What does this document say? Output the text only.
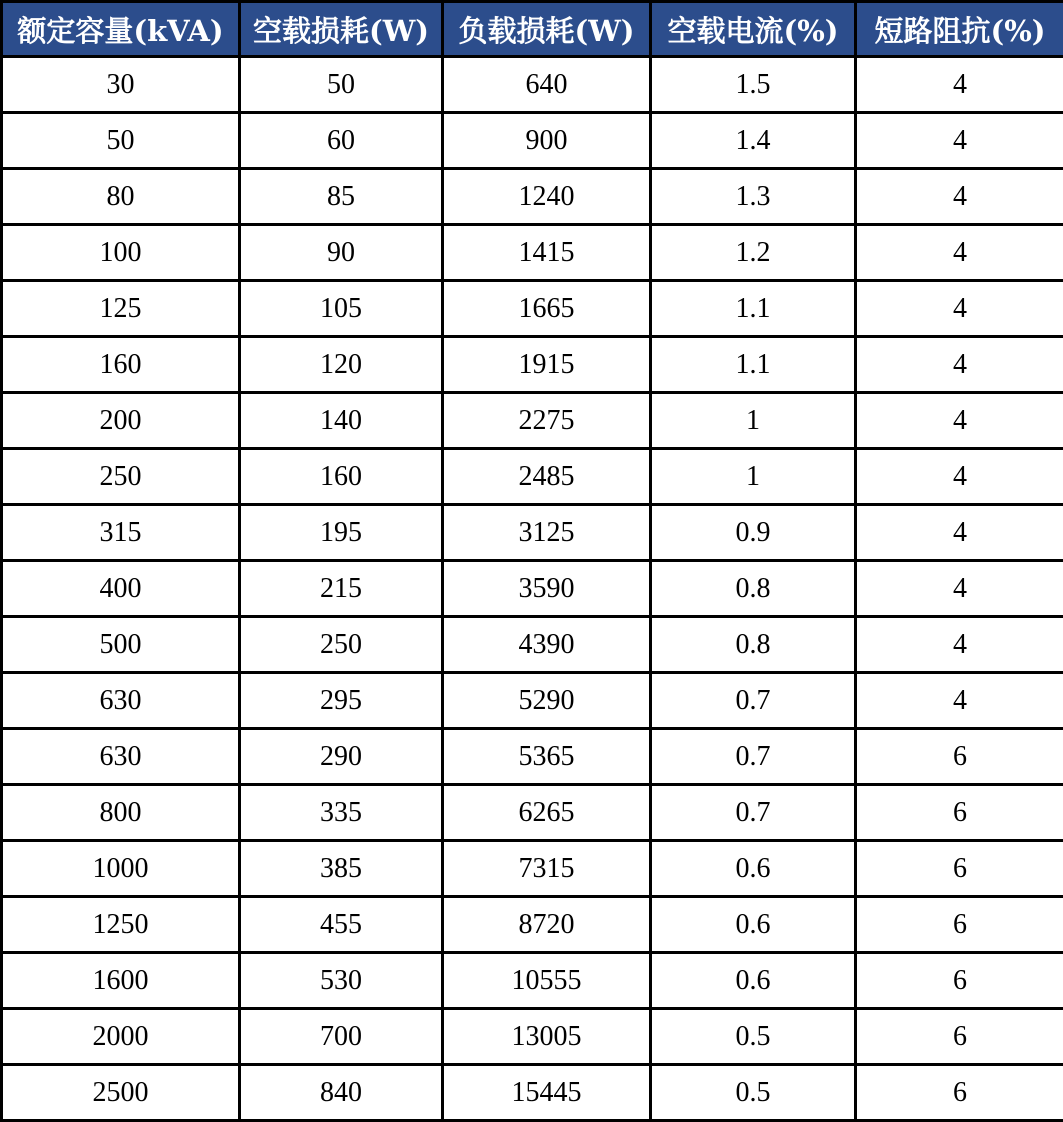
额定容量(kVA)	空载损耗(W)	负载损耗(W)	空载电流(%)	短路阻抗(%)
30	50	640	1.5	4
50	60	900	1.4	4
80	85	1240	1.3	4
100	90	1415	1.2	4
125	105	1665	1.1	4
160	120	1915	1.1	4
200	140	2275	1	4
250	160	2485	1	4
315	195	3125	0.9	4
400	215	3590	0.8	4
500	250	4390	0.8	4
630	295	5290	0.7	4
630	290	5365	0.7	6
800	335	6265	0.7	6
1000	385	7315	0.6	6
1250	455	8720	0.6	6
1600	530	10555	0.6	6
2000	700	13005	0.5	6
2500	840	15445	0.5	6
